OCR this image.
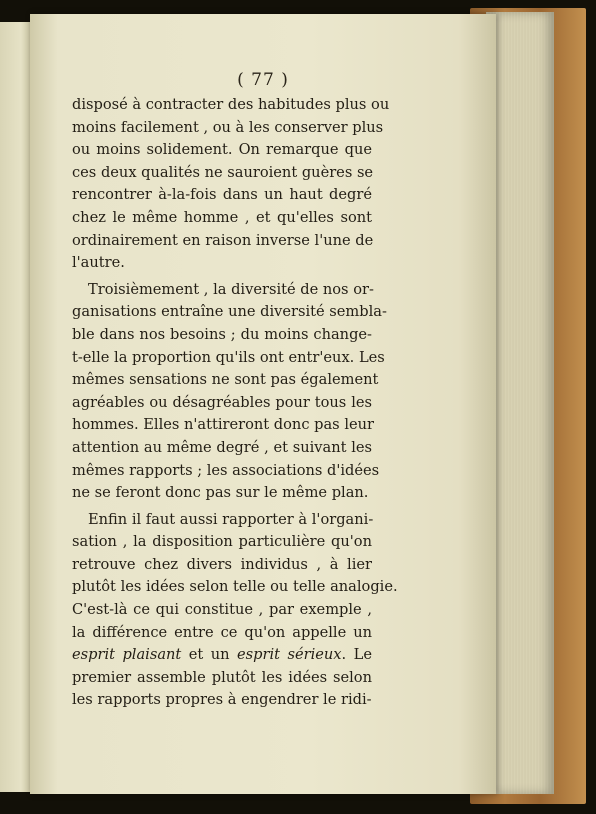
( 77 )
disposé à contracter des habitudes plus ou
moins facilement , ou à les conserver plus
ou moins solidement. On remarque que
ces deux qualités ne sauroient guères se
rencontrer à-la-fois dans un haut degré
chez le même homme , et qu'elles sont
ordinairement en raison inverse l'une de
l'autre.
Troisièmement , la diversité de nos or-
ganisations entraîne une diversité sembla-
ble dans nos besoins ; du moins change-
t-elle la proportion qu'ils ont entr'eux. Les
mêmes sensations ne sont pas également
agréables ou désagréables pour tous les
hommes. Elles n'attireront donc pas leur
attention au même degré , et suivant les
mêmes rapports ; les associations d'idées
ne se feront donc pas sur le même plan.
Enfin il faut aussi rapporter à l'organi-
sation , la disposition particulière qu'on
retrouve chez divers individus , à lier
plutôt les idées selon telle ou telle analogie.
C'est-là ce qui constitue , par exemple ,
la différence entre ce qu'on appelle un
esprit plaisant et un esprit sérieux. Le
premier assemble plutôt les idées selon
les rapports propres à engendrer le ridi-
